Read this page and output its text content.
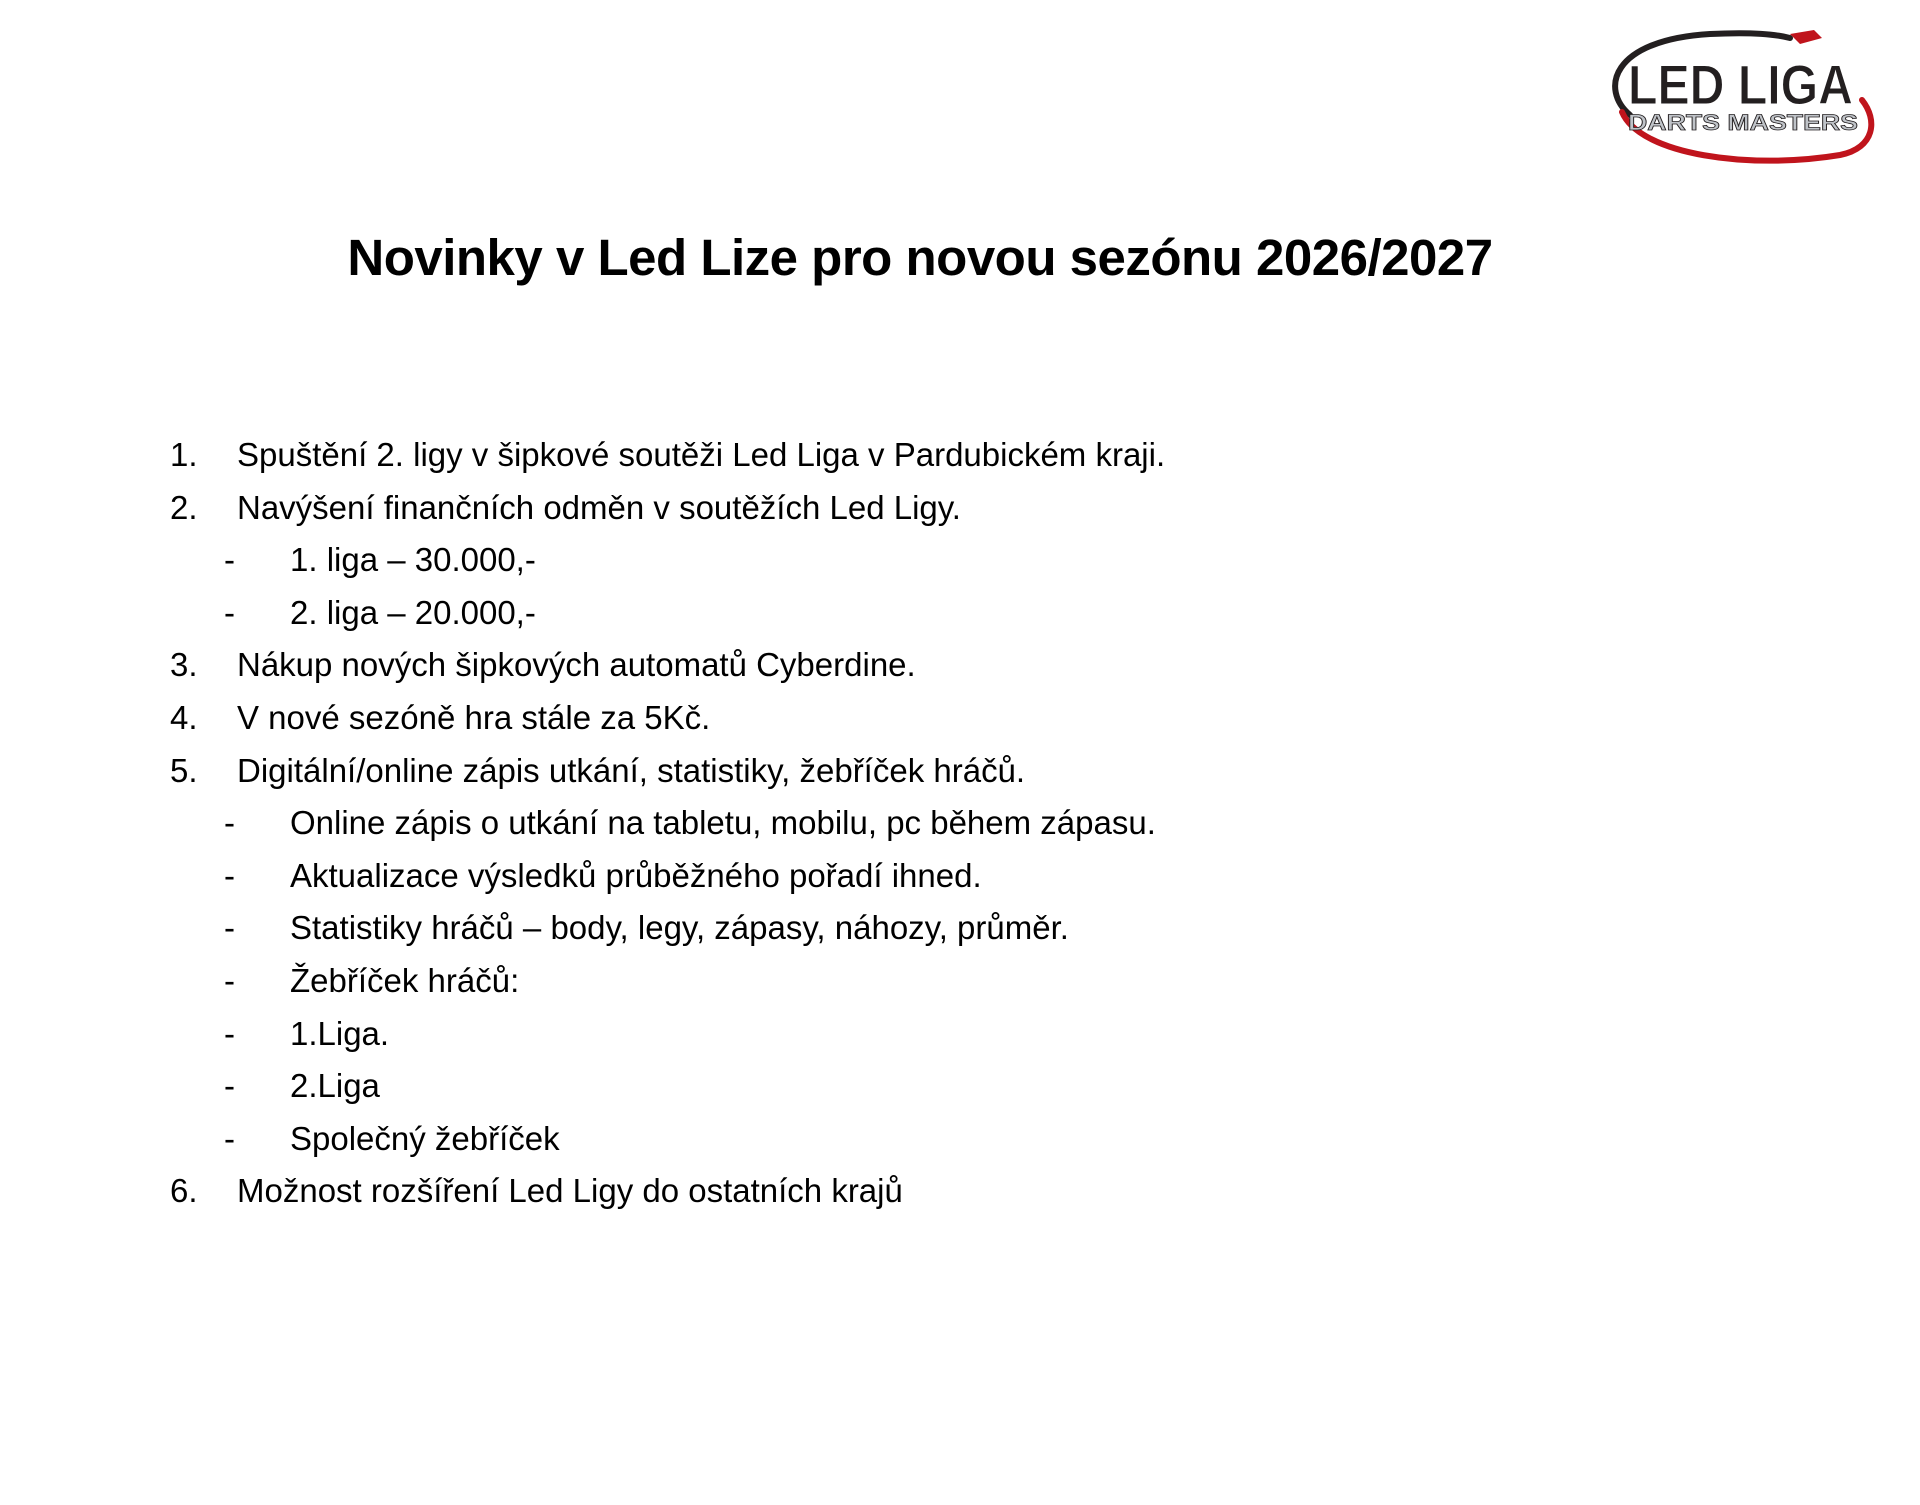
LED LIGA
DARTS MASTERS
Novinky v Led Lize pro novou sezónu 2026/2027
1. Spuštění 2. ligy v šipkové soutěži Led Liga v Pardubickém kraji.
2. Navýšení finančních odměn v soutěžích Led Ligy.
- 1. liga – 30.000,-
- 2. liga – 20.000,-
3. Nákup nových šipkových automatů Cyberdine.
4. V nové sezóně hra stále za 5Kč.
5. Digitální/online zápis utkání, statistiky, žebříček hráčů.
- Online zápis o utkání na tabletu, mobilu, pc během zápasu.
- Aktualizace výsledků průběžného pořadí ihned.
- Statistiky hráčů – body, legy, zápasy, náhozy, průměr.
- Žebříček hráčů:
- 1.Liga.
- 2.Liga
- Společný žebříček
6. Možnost rozšíření Led Ligy do ostatních krajů
